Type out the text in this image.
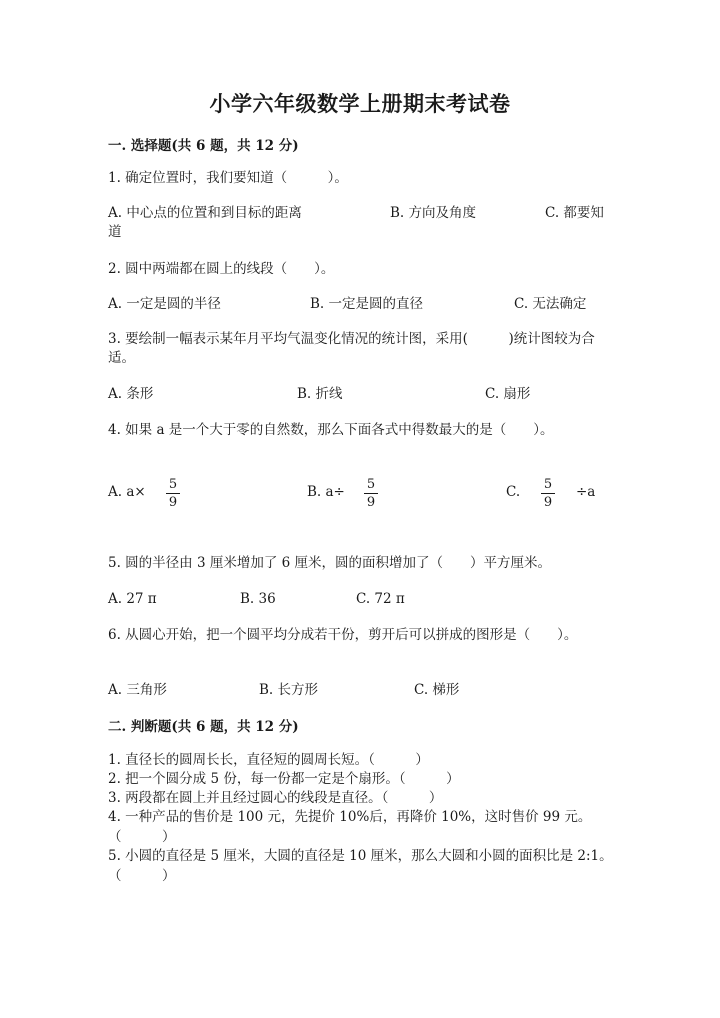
小学六年级数学上册期末考试卷
一. 选择题(共 6 题，共 12 分)
1. 确定位置时，我们要知道（　　　）。
A. 中心点的位置和到目标的距离	B. 方向及角度	C. 都要知
道
2. 圆中两端都在圆上的线段（　　）。
A. 一定是圆的半径	B. 一定是圆的直径	C. 无法确定
3. 要绘制一幅表示某年月平均气温变化情况的统计图，采用(　　　)统计图较为合适。
A. 条形	B. 折线	C. 扇形
4. 如果 a 是一个大于零的自然数，那么下面各式中得数最大的是（　　）。
A. a× 5
9
B. a÷ 5
9
C. 5
9
÷a
5. 圆的半径由 3 厘米增加了 6 厘米，圆的面积增加了（　　）平方厘米。
A. 27 π	B. 36	C. 72 π
6. 从圆心开始，把一个圆平均分成若干份，剪开后可以拼成的图形是（　　）。
A. 三角形	B. 长方形	C. 梯形
二. 判断题(共 6 题，共 12 分)
1. 直径长的圆周长长，直径短的圆周长短。（　　　）
2. 把一个圆分成 5 份，每一份都一定是个扇形。（　　　）
3. 两段都在圆上并且经过圆心的线段是直径。（　　　）
4. 一种产品的售价是 100 元，先提价 10%后，再降价 10%，这时售价 99 元。（　　　）
5. 小圆的直径是 5 厘米，大圆的直径是 10 厘米，那么大圆和小圆的面积比是 2:1。（　　　）
